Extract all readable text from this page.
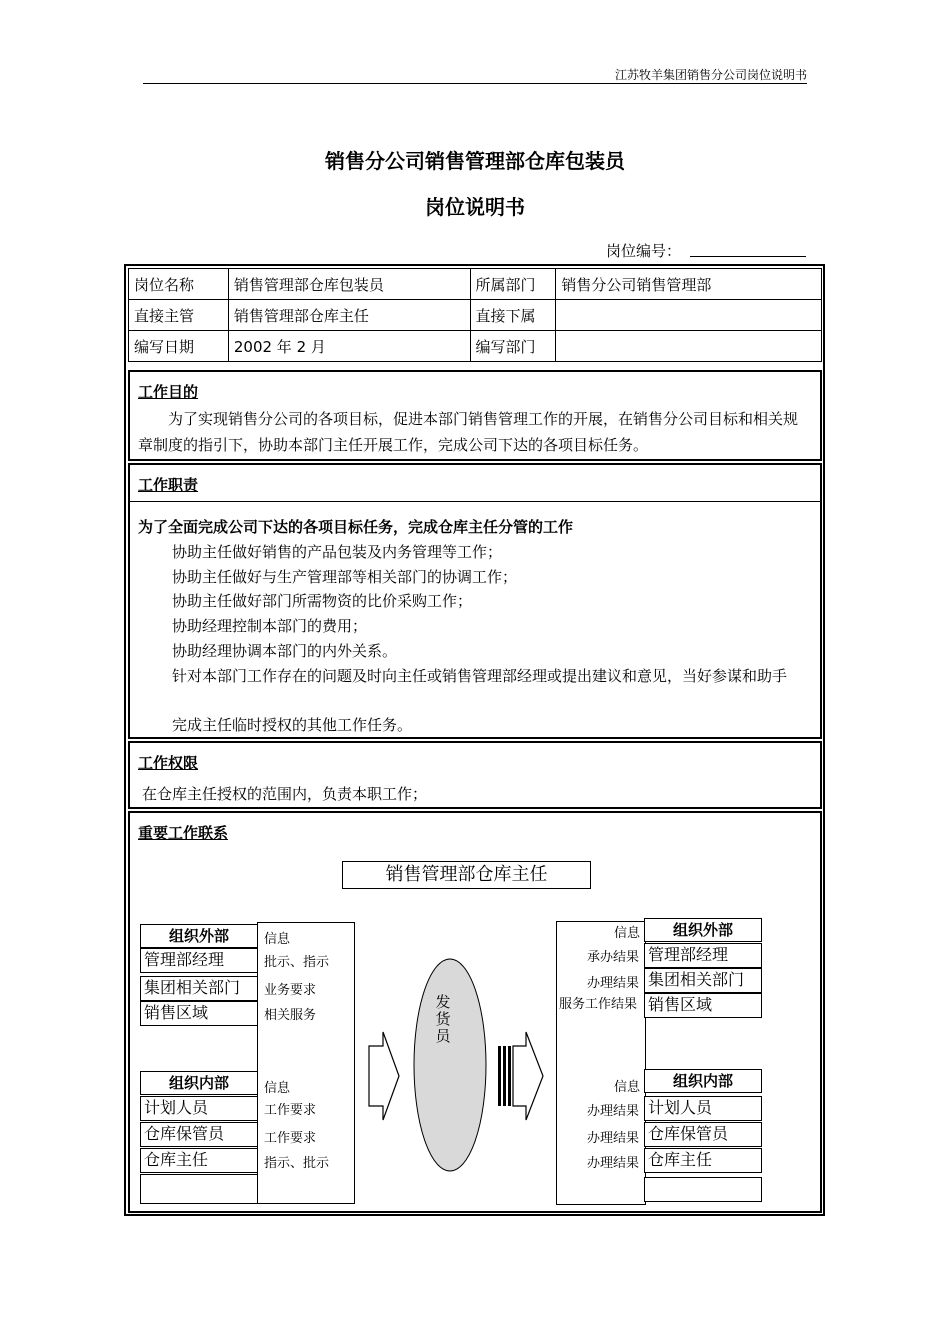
江苏牧羊集团销售分公司岗位说明书
销售分公司销售管理部仓库包装员
岗位说明书
岗位编号：
岗位名称	销售管理部仓库包装员	所属部门	销售分公司销售管理部
直接主管	销售管理部仓库主任	直接下属	
编写日期	2002 年 2 月	编写部门	
工作目的
为了实现销售分公司的各项目标，促进本部门销售管理工作的开展，在销售分公司目标和相关规章制度的指引下，协助本部门主任开展工作，完成公司下达的各项目标任务。
工作职责
为了全面完成公司下达的各项目标任务，完成仓库主任分管的工作
协助主任做好销售的产品包装及内务管理等工作；
协助主任做好与生产管理部等相关部门的协调工作；
协助主任做好部门所需物资的比价采购工作；
协助经理控制本部门的费用；
协助经理协调本部门的内外关系。
针对本部门工作存在的问题及时向主任或销售管理部经理或提出建议和意见，当好参谋和助手
完成主任临时授权的其他工作任务。
工作权限
在仓库主任授权的范围内，负责本职工作；
重要工作联系
销售管理部仓库主任
组织外部
管理部经理
集团相关部门
销售区域
信息
批示、指示
业务要求
相关服务
组织内部
计划人员
仓库保管员
仓库主任
信息
工作要求
工作要求
指示、批示
发货员
组织外部
管理部经理
集团相关部门
销售区域
信息
承办结果
办理结果
服务工作结果
组织内部
计划人员
仓库保管员
仓库主任
信息
办理结果
办理结果
办理结果
